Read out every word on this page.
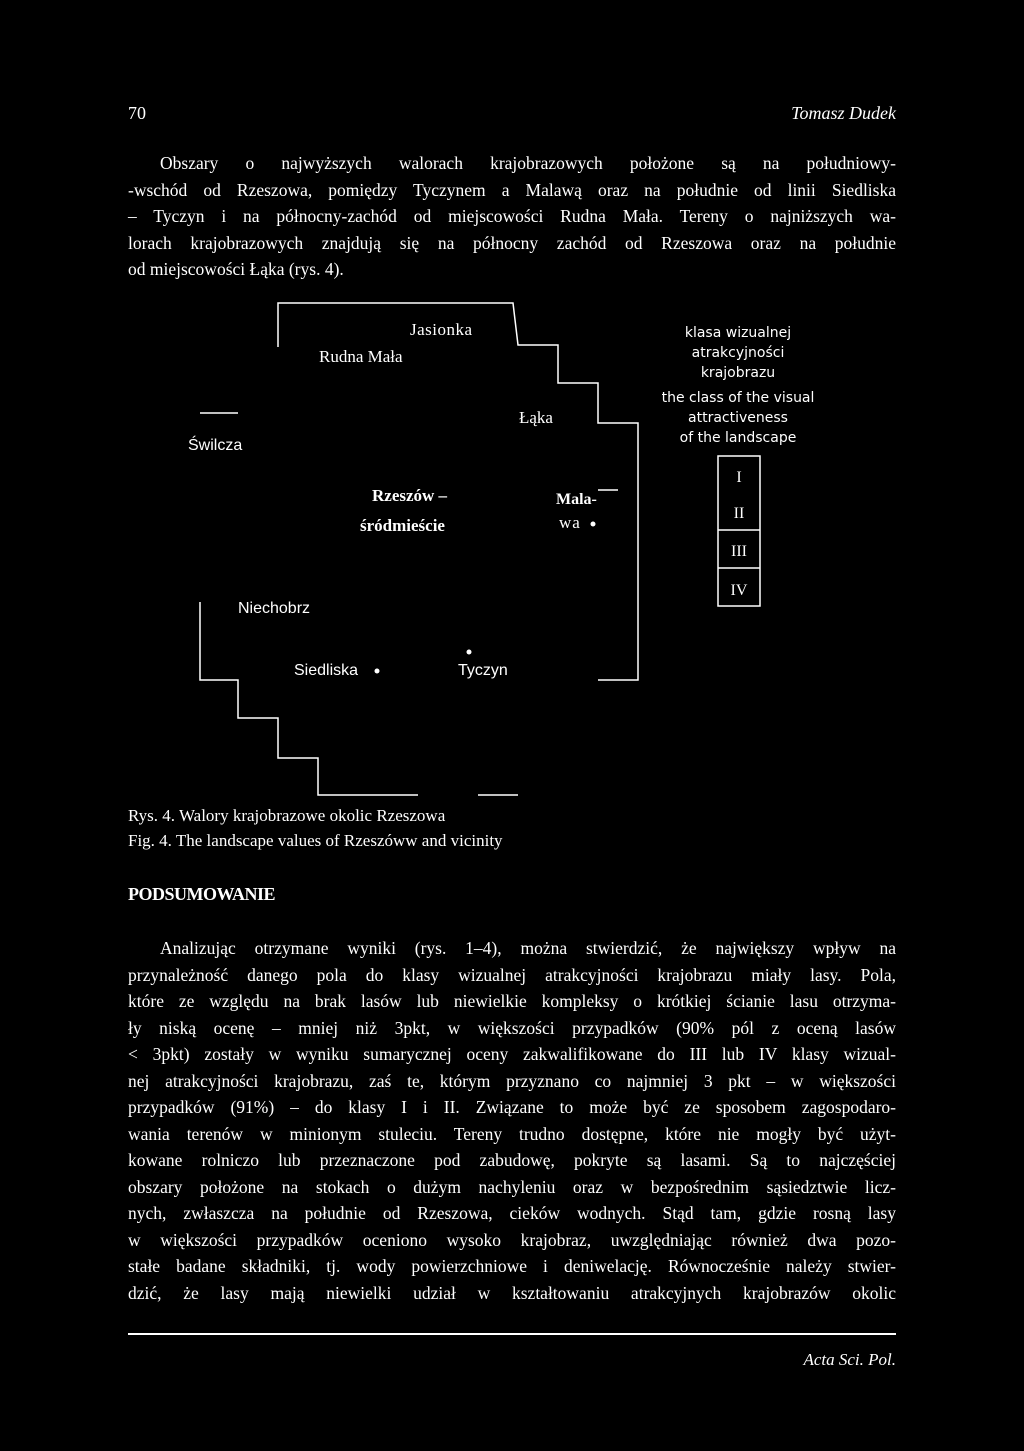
70	Tomasz Dudek
Obszary o najwyższych walorach krajobrazowych położone są na południowy-
-wschód od Rzeszowa, pomiędzy Tyczynem a Malawą oraz na południe od linii Siedliska
– Tyczyn i na północny-zachód od miejscowości Rudna Mała. Tereny o najniższych wa-
lorach krajobrazowych znajdują się na północny zachód od Rzeszowa oraz na południe
od miejscowości Łąka (rys. 4).
Jasionka
Rudna Mała
Łąka
Świlcza
Rzeszów –
śródmieście
Mala-
wa
Niechobrz
Siedliska	Tyczyn
klasa wizualnej
atrakcyjności
krajobrazu
the class of the visual
attractiveness
of the landscape
I
II
III
IV
Rys. 4. Walory krajobrazowe okolic Rzeszowa
Fig. 4. The landscape values of Rzeszóww and vicinity
PODSUMOWANIE
Analizując otrzymane wyniki (rys. 1–4), można stwierdzić, że największy wpływ na
przynależność danego pola do klasy wizualnej atrakcyjności krajobrazu miały lasy. Pola,
które ze względu na brak lasów lub niewielkie kompleksy o krótkiej ścianie lasu otrzyma-
ły niską ocenę – mniej niż 3pkt, w większości przypadków (90% pól z oceną lasów
< 3pkt) zostały w wyniku sumarycznej oceny zakwalifikowane do III lub IV klasy wizual-
nej atrakcyjności krajobrazu, zaś te, którym przyznano co najmniej 3 pkt – w większości
przypadków (91%) – do klasy I i II. Związane to może być ze sposobem zagospodaro-
wania terenów w minionym stuleciu. Tereny trudno dostępne, które nie mogły być użyt-
kowane rolniczo lub przeznaczone pod zabudowę, pokryte są lasami. Są to najczęściej
obszary położone na stokach o dużym nachyleniu oraz w bezpośrednim sąsiedztwie licz-
nych, zwłaszcza na południe od Rzeszowa, cieków wodnych. Stąd tam, gdzie rosną lasy
w większości przypadków oceniono wysoko krajobraz, uwzględniając również dwa pozo-
stałe badane składniki, tj. wody powierzchniowe i deniwelację. Równocześnie należy stwier-
dzić, że lasy mają niewielki udział w kształtowaniu atrakcyjnych krajobrazów okolic
Acta Sci. Pol.
